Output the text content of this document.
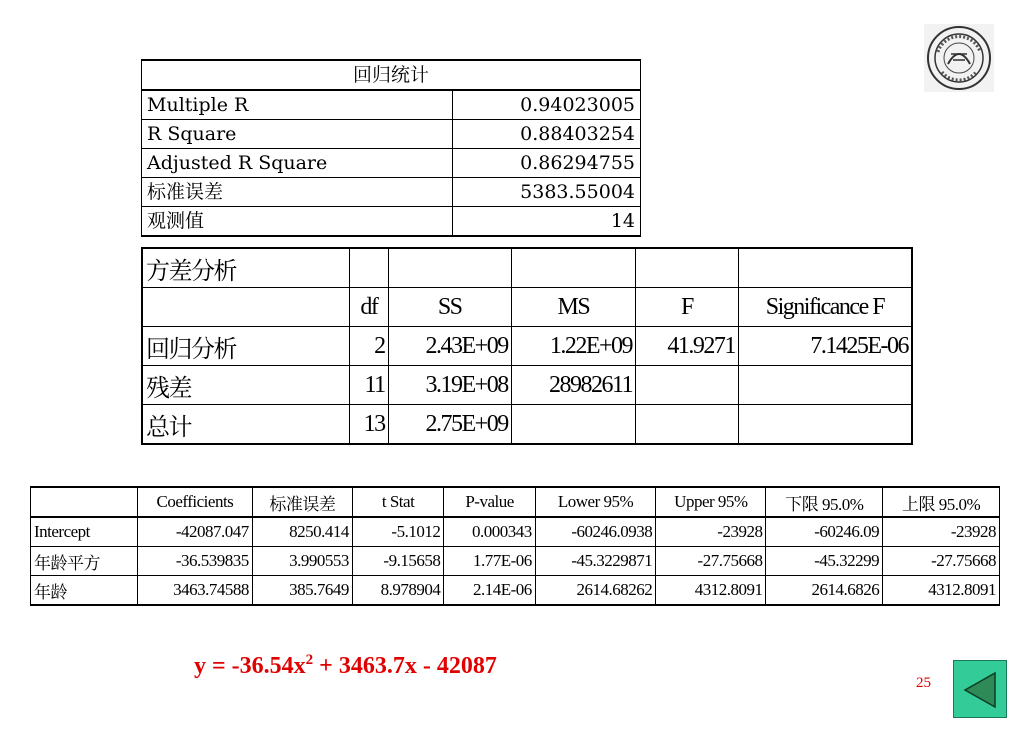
回归统计	
Multiple R	0.94023005
R Square	0.88403254
Adjusted R Square	0.86294755
标准误差	5383.55004
观测值	14
方差分析					
	df	SS	MS	F	Significance F
回归分析	2	2.43E+09	1.22E+09	41.9271	7.1425E-06
残差	11	3.19E+08	28982611		
总计	13	2.75E+09			
	Coefficients	标准误差	t Stat	P-value	Lower 95%	Upper 95%	下限 95.0%	上限 95.0%
Intercept	-42087.047	8250.414	-5.1012	0.000343	-60246.0938	-23928	-60246.09	-23928
年龄平方	-36.539835	3.990553	-9.15658	1.77E-06	-45.3229871	-27.75668	-45.32299	-27.75668
年龄	3463.74588	385.7649	8.978904	2.14E-06	2614.68262	4312.8091	2614.6826	4312.8091
$y = -36.54x^2 + 3463.7x - 42087$
25
